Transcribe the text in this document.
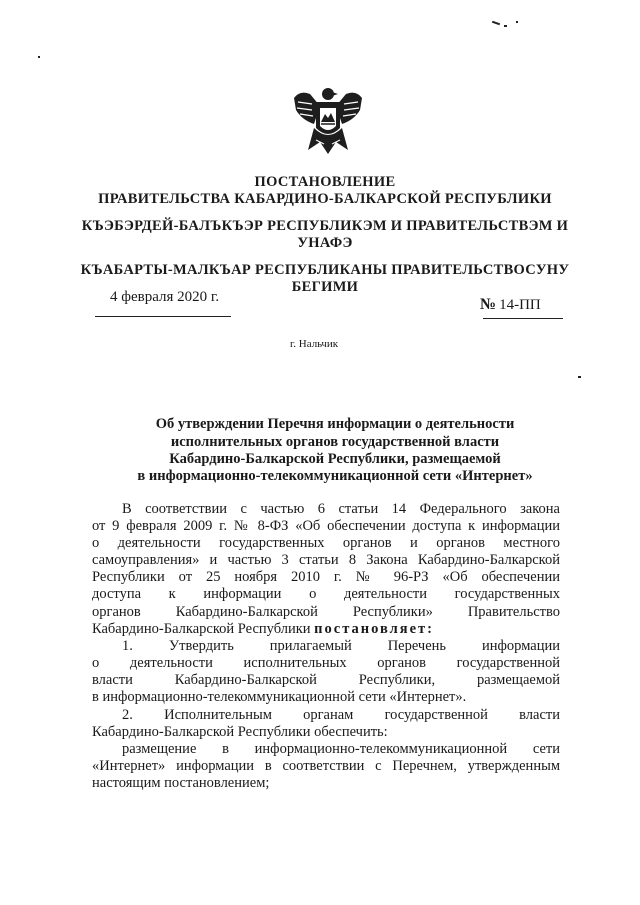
ПОСТАНОВЛЕНИЕ
ПРАВИТЕЛЬСТВА КАБАРДИНО-БАЛКАРСКОЙ РЕСПУБЛИКИ
КЪЭБЭРДЕЙ-БАЛЪКЪЭР РЕСПУБЛИКЭМ И ПРАВИТЕЛЬСТВЭМ И
УНАФЭ
КЪАБАРТЫ-МАЛКЪАР РЕСПУБЛИКАНЫ ПРАВИТЕЛЬСТВОСУНУ
БЕГИМИ
4 февраля 2020 г.	№ 14-ПП
г. Нальчик
Об утверждении Перечня информации о деятельности
исполнительных органов государственной власти
Кабардино-Балкарской Республики, размещаемой
в информационно-телекоммуникационной сети «Интернет»
В соответствии с частью 6 статьи 14 Федерального закона
от 9 февраля 2009 г. № 8-ФЗ «Об обеспечении доступа к информации
о деятельности государственных органов и органов местного
самоуправления» и частью 3 статьи 8 Закона Кабардино-Балкарской
Республики от 25 ноября 2010 г. № 96-РЗ «Об обеспечении
доступа к информации о деятельности государственных
органов Кабардино-Балкарской Республики» Правительство
Кабардино-Балкарской Республики постановляет:
1. Утвердить прилагаемый Перечень информации
о деятельности исполнительных органов государственной
власти Кабардино-Балкарской Республики, размещаемой
в информационно-телекоммуникационной сети «Интернет».
2. Исполнительным органам государственной власти
Кабардино-Балкарской Республики обеспечить:
размещение в информационно-телекоммуникационной сети
«Интернет» информации в соответствии с Перечнем, утвержденным
настоящим постановлением;
